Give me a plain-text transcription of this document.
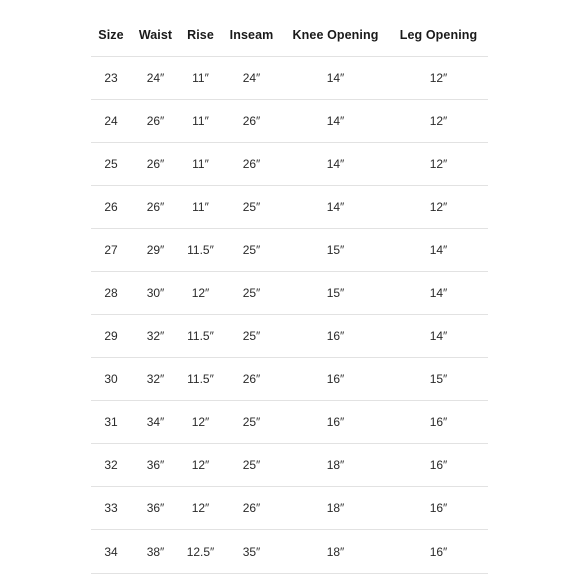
Size	Waist	Rise	Inseam	Knee Opening	Leg Opening
23	24″	11″	24″	14″	12″
24	26″	11″	26″	14″	12″
25	26″	11″	26″	14″	12″
26	26″	11″	25″	14″	12″
27	29″	11.5″	25″	15″	14″
28	30″	12″	25″	15″	14″
29	32″	11.5″	25″	16″	14″
30	32″	11.5″	26″	16″	15″
31	34″	12″	25″	16″	16″
32	36″	12″	25″	18″	16″
33	36″	12″	26″	18″	16″
34	38″	12.5″	35″	18″	16″
